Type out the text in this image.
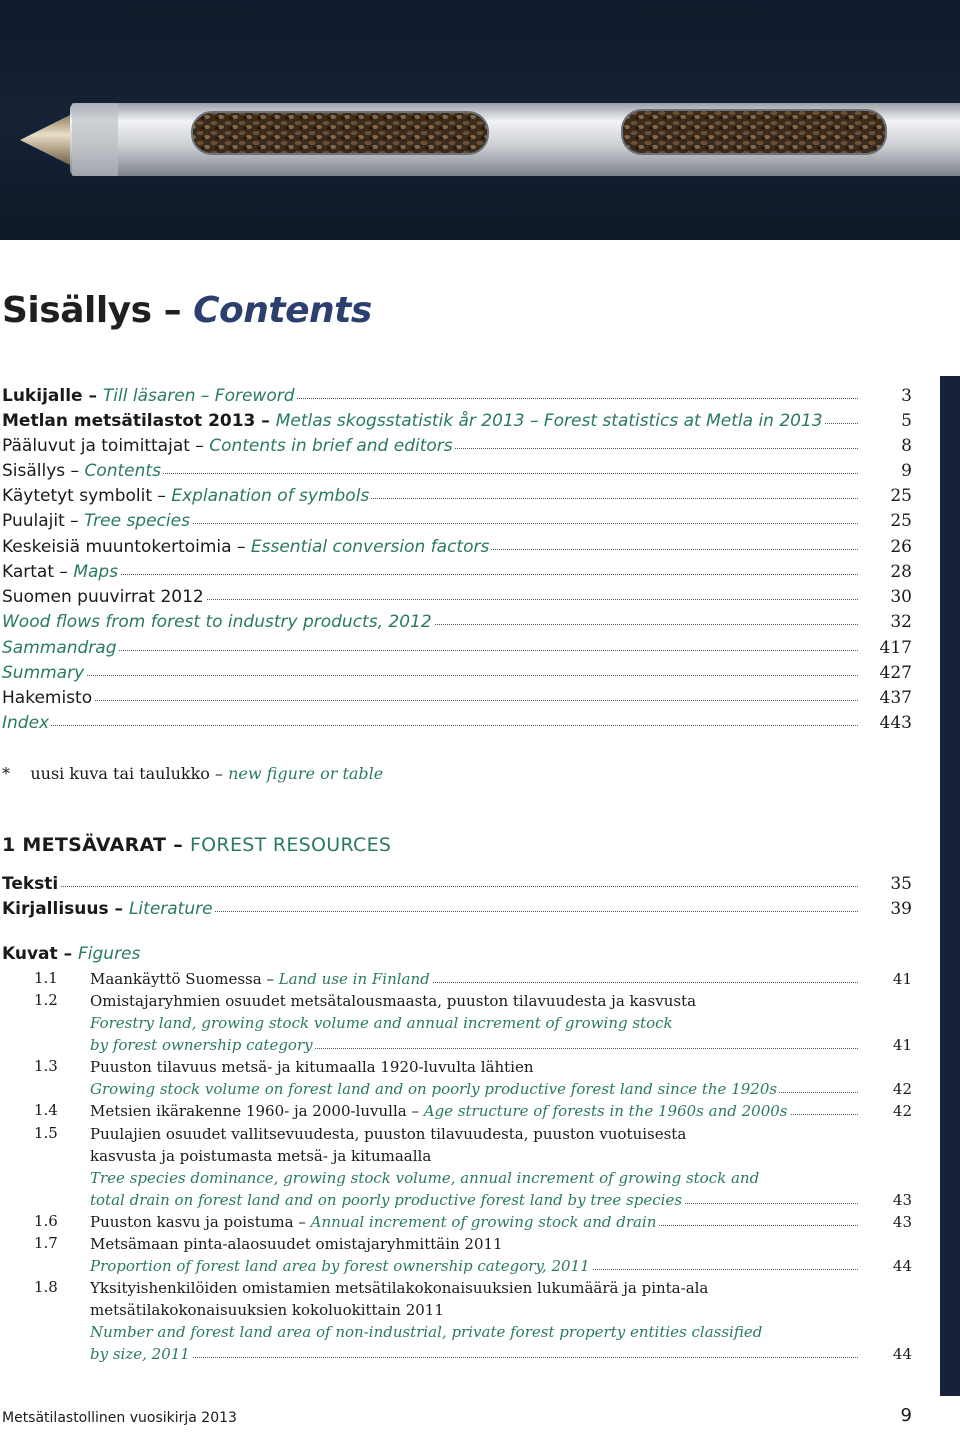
Sisällys – Contents
Lukijalle – Till läsaren – Foreword	3
Metlan metsätilastot 2013 – Metlas skogsstatistik år 2013 – Forest statistics at Metla in 2013	5
Pääluvut ja toimittajat – Contents in brief and editors	8
Sisällys – Contents	9
Käytetyt symbolit – Explanation of symbols	25
Puulajit – Tree species	25
Keskeisiä muuntokertoimia – Essential conversion factors	26
Kartat – Maps	28
Suomen puuvirrat 2012	30
Wood flows from forest to industry products, 2012	32
Sammandrag	417
Summary	427
Hakemisto	437
Index	443
* uusi kuva tai taulukko – new figure or table
1 METSÄVARAT – FOREST RESOURCES
Teksti	35
Kirjallisuus – Literature	39
Kuvat – Figures
1.1 Maankäyttö Suomessa – Land use in Finland	41
1.2 Omistajaryhmien osuudet metsätalousmaasta, puuston tilavuudesta ja kasvusta
Forestry land, growing stock volume and annual increment of growing stock
by forest ownership category	41
1.3 Puuston tilavuus metsä- ja kitumaalla 1920-luvulta lähtien
Growing stock volume on forest land and on poorly productive forest land since the 1920s	42
1.4 Metsien ikärakenne 1960- ja 2000-luvulla – Age structure of forests in the 1960s and 2000s	42
1.5 Puulajien osuudet vallitsevuudesta, puuston tilavuudesta, puuston vuotuisesta
kasvusta ja poistumasta metsä- ja kitumaalla
Tree species dominance, growing stock volume, annual increment of growing stock and
total drain on forest land and on poorly productive forest land by tree species	43
1.6 Puuston kasvu ja poistuma – Annual increment of growing stock and drain	43
1.7 Metsämaan pinta-alaosuudet omistajaryhmittäin 2011
Proportion of forest land area by forest ownership category, 2011	44
1.8 Yksityishenkilöiden omistamien metsätilakokonaisuuksien lukumäärä ja pinta-ala
metsätilakokonaisuuksien kokoluokittain 2011
Number and forest land area of non-industrial, private forest property entities classified
by size, 2011	44
Metsätilastollinen vuosikirja 2013	9
